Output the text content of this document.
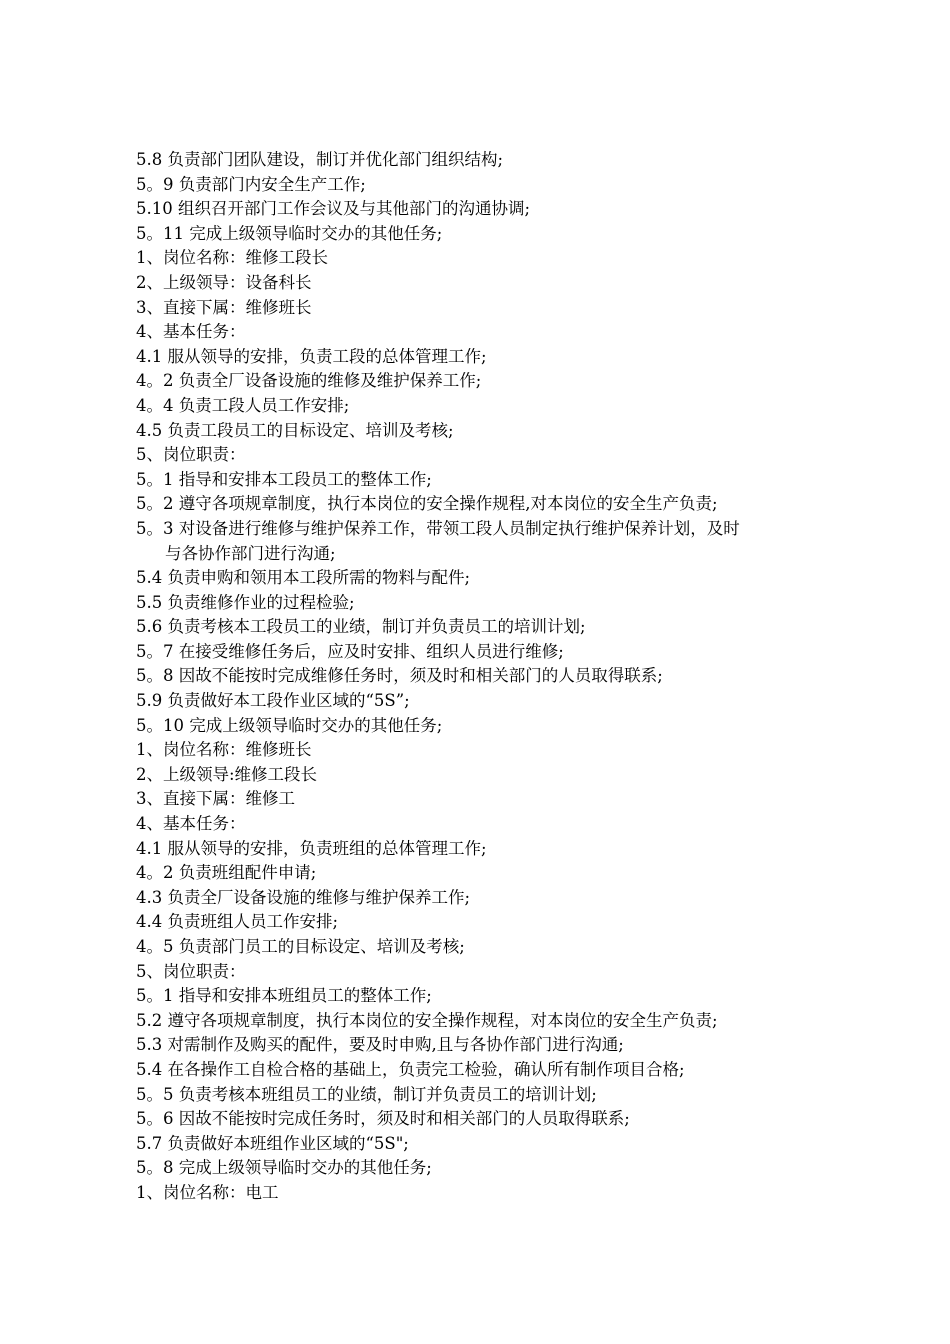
5.8 负责部门团队建设，制订并优化部门组织结构;
5。9 负责部门内安全生产工作;
5.10 组织召开部门工作会议及与其他部门的沟通协调;
5。11 完成上级领导临时交办的其他任务;
1、岗位名称：维修工段长
2、上级领导：设备科长
3、直接下属：维修班长
4、基本任务：
4.1 服从领导的安排，负责工段的总体管理工作;
4。2 负责全厂设备设施的维修及维护保养工作;
4。4 负责工段人员工作安排;
4.5 负责工段员工的目标设定、培训及考核;
5、岗位职责：
5。1 指导和安排本工段员工的整体工作;
5。2 遵守各项规章制度，执行本岗位的安全操作规程,对本岗位的安全生产负责;
5。3 对设备进行维修与维护保养工作，带领工段人员制定执行维护保养计划，及时
与各协作部门进行沟通;
5.4 负责申购和领用本工段所需的物料与配件;
5.5 负责维修作业的过程检验;
5.6 负责考核本工段员工的业绩，制订并负责员工的培训计划;
5。7 在接受维修任务后，应及时安排、组织人员进行维修;
5。8 因故不能按时完成维修任务时，须及时和相关部门的人员取得联系;
5.9 负责做好本工段作业区域的“5S”;
5。10 完成上级领导临时交办的其他任务;
1、岗位名称：维修班长
2、上级领导:维修工段长
3、直接下属：维修工
4、基本任务：
4.1 服从领导的安排，负责班组的总体管理工作;
4。2 负责班组配件申请;
4.3 负责全厂设备设施的维修与维护保养工作;
4.4 负责班组人员工作安排;
4。5 负责部门员工的目标设定、培训及考核;
5、岗位职责：
5。1 指导和安排本班组员工的整体工作;
5.2 遵守各项规章制度，执行本岗位的安全操作规程，对本岗位的安全生产负责;
5.3 对需制作及购买的配件，要及时申购,且与各协作部门进行沟通;
5.4 在各操作工自检合格的基础上，负责完工检验，确认所有制作项目合格;
5。5 负责考核本班组员工的业绩，制订并负责员工的培训计划;
5。6 因故不能按时完成任务时，须及时和相关部门的人员取得联系;
5.7 负责做好本班组作业区域的“5S";
5。8 完成上级领导临时交办的其他任务;
1、岗位名称：电工
